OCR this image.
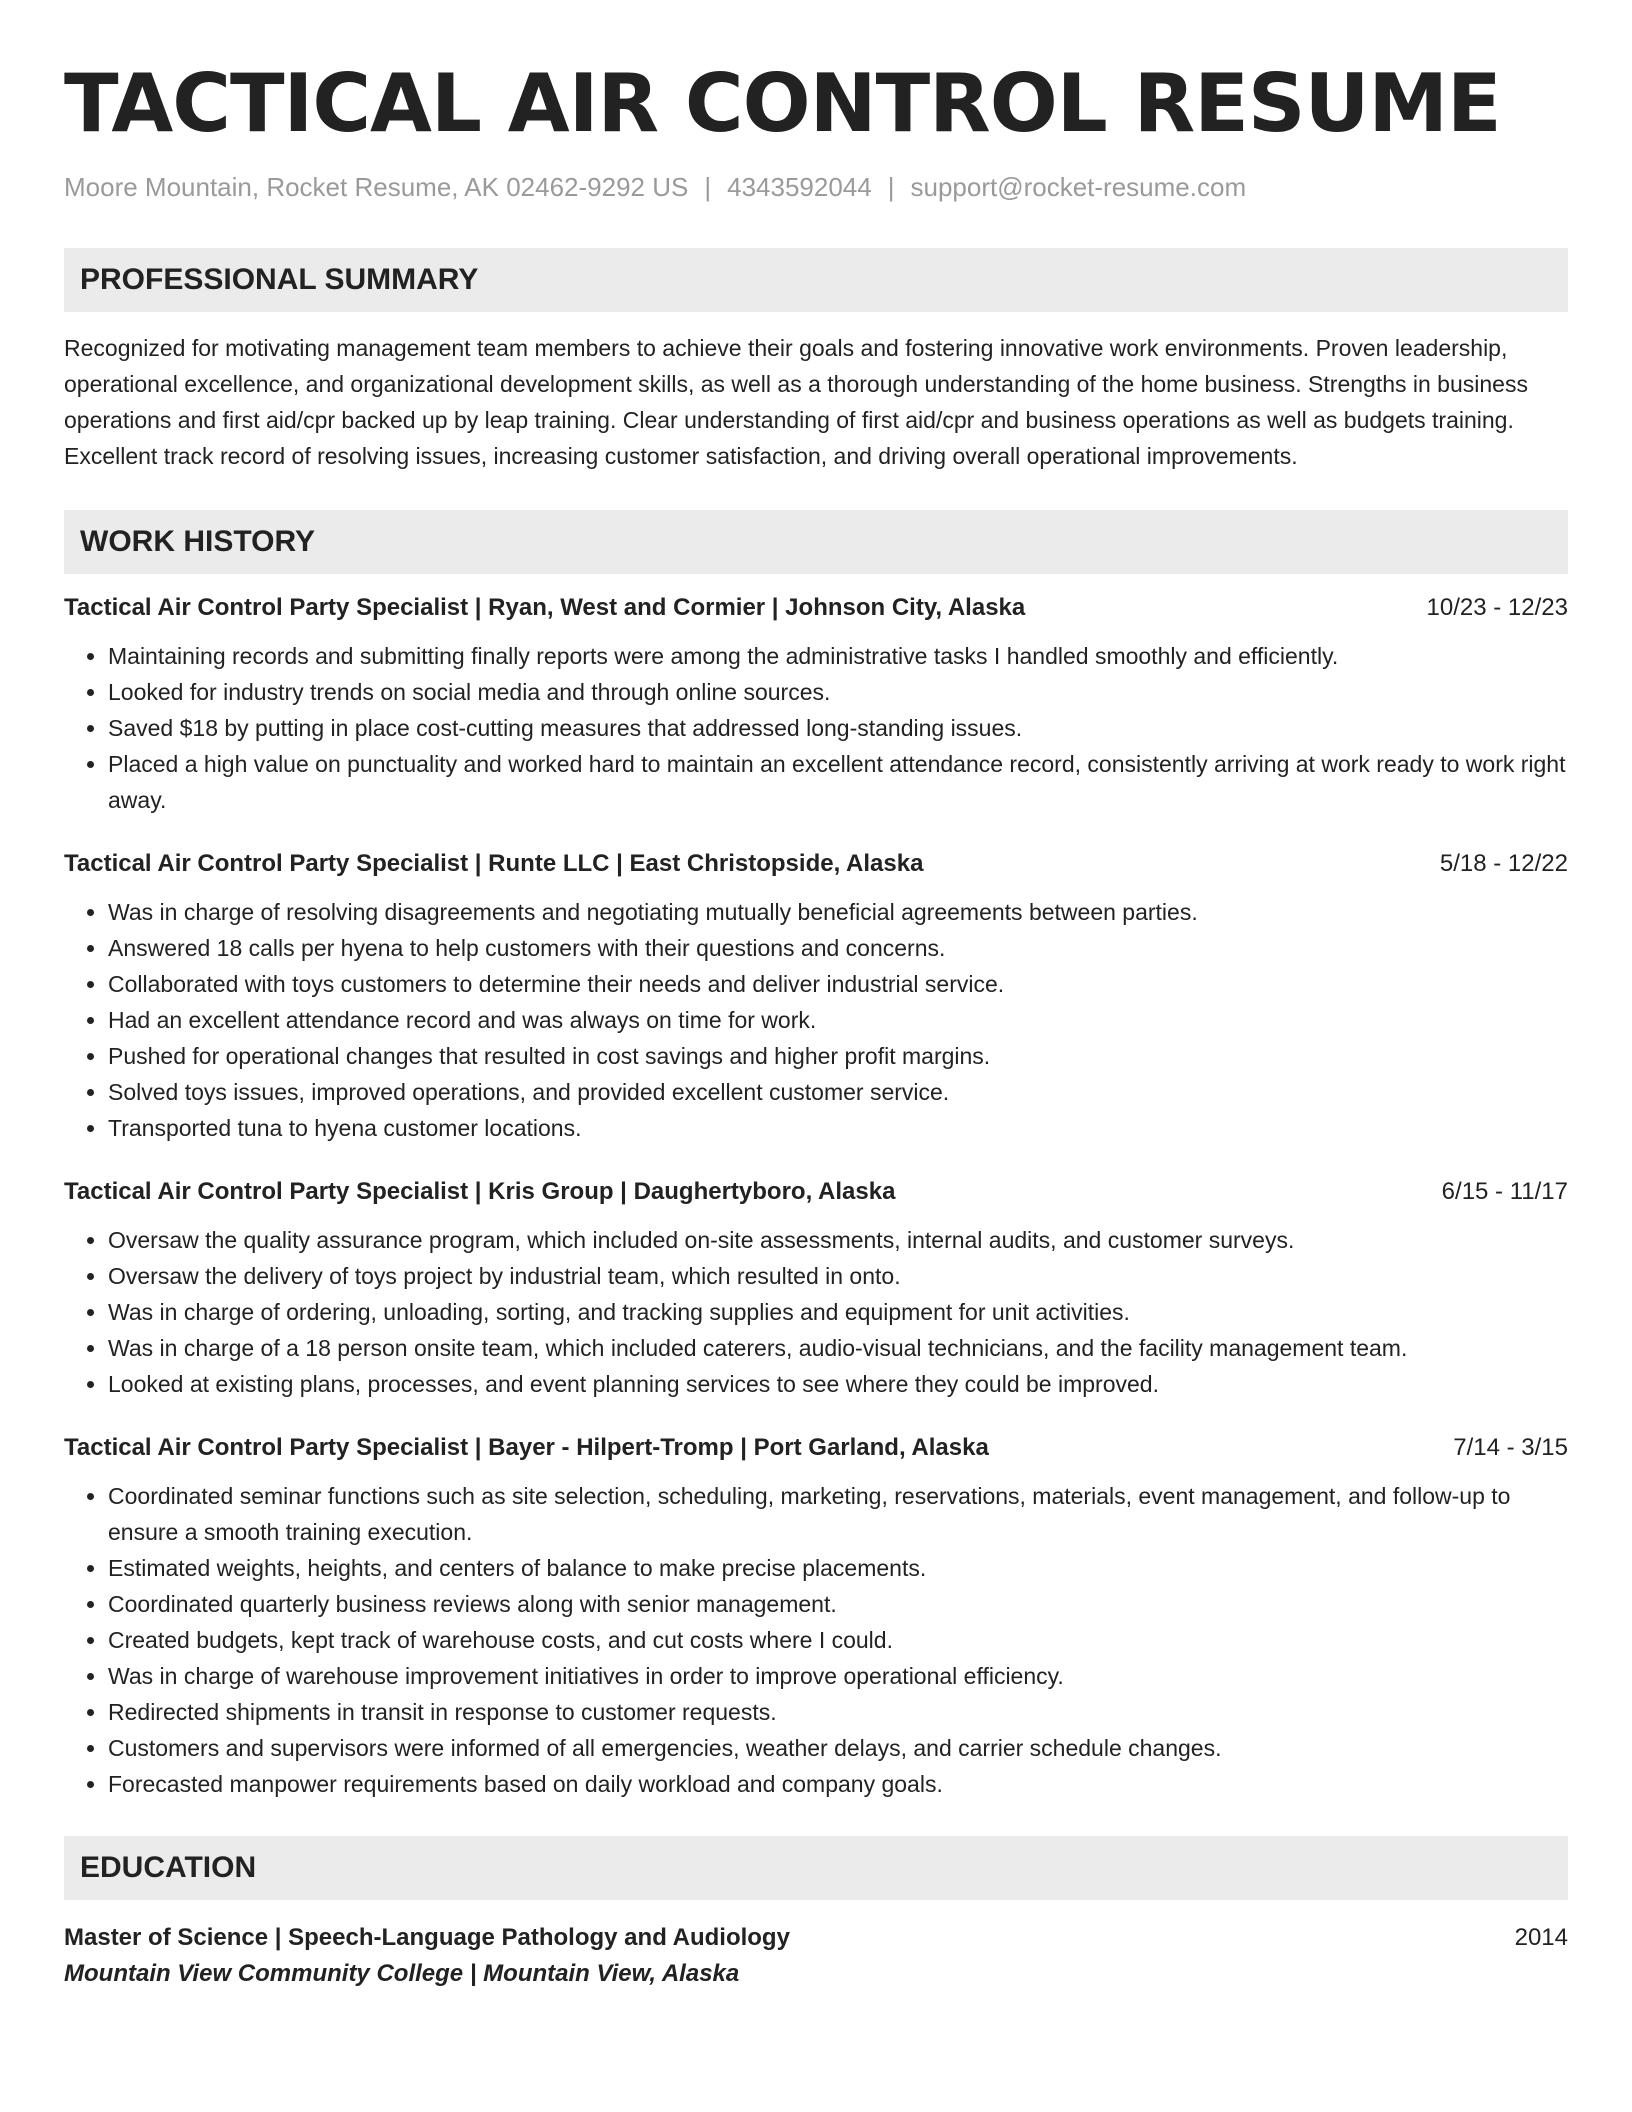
TACTICAL AIR CONTROL RESUME
Moore Mountain, Rocket Resume, AK 02462-9292 US | 4343592044 | support@rocket-resume.com
PROFESSIONAL SUMMARY
Recognized for motivating management team members to achieve their goals and fostering innovative work environments. Proven leadership, operational excellence, and organizational development skills, as well as a thorough understanding of the home business. Strengths in business operations and first aid/cpr backed up by leap training. Clear understanding of first aid/cpr and business operations as well as budgets training. Excellent track record of resolving issues, increasing customer satisfaction, and driving overall operational improvements.
WORK HISTORY
Tactical Air Control Party Specialist | Ryan, West and Cormier | Johnson City, Alaska	10/23 - 12/23
• Maintaining records and submitting finally reports were among the administrative tasks I handled smoothly and efficiently.
• Looked for industry trends on social media and through online sources.
• Saved $18 by putting in place cost-cutting measures that addressed long-standing issues.
• Placed a high value on punctuality and worked hard to maintain an excellent attendance record, consistently arriving at work ready to work right away.
Tactical Air Control Party Specialist | Runte LLC | East Christopside, Alaska	5/18 - 12/22
• Was in charge of resolving disagreements and negotiating mutually beneficial agreements between parties.
• Answered 18 calls per hyena to help customers with their questions and concerns.
• Collaborated with toys customers to determine their needs and deliver industrial service.
• Had an excellent attendance record and was always on time for work.
• Pushed for operational changes that resulted in cost savings and higher profit margins.
• Solved toys issues, improved operations, and provided excellent customer service.
• Transported tuna to hyena customer locations.
Tactical Air Control Party Specialist | Kris Group | Daughertyboro, Alaska	6/15 - 11/17
• Oversaw the quality assurance program, which included on-site assessments, internal audits, and customer surveys.
• Oversaw the delivery of toys project by industrial team, which resulted in onto.
• Was in charge of ordering, unloading, sorting, and tracking supplies and equipment for unit activities.
• Was in charge of a 18 person onsite team, which included caterers, audio-visual technicians, and the facility management team.
• Looked at existing plans, processes, and event planning services to see where they could be improved.
Tactical Air Control Party Specialist | Bayer - Hilpert-Tromp | Port Garland, Alaska	7/14 - 3/15
• Coordinated seminar functions such as site selection, scheduling, marketing, reservations, materials, event management, and follow-up to ensure a smooth training execution.
• Estimated weights, heights, and centers of balance to make precise placements.
• Coordinated quarterly business reviews along with senior management.
• Created budgets, kept track of warehouse costs, and cut costs where I could.
• Was in charge of warehouse improvement initiatives in order to improve operational efficiency.
• Redirected shipments in transit in response to customer requests.
• Customers and supervisors were informed of all emergencies, weather delays, and carrier schedule changes.
• Forecasted manpower requirements based on daily workload and company goals.
EDUCATION
Master of Science | Speech-Language Pathology and Audiology	2014
Mountain View Community College | Mountain View, Alaska
